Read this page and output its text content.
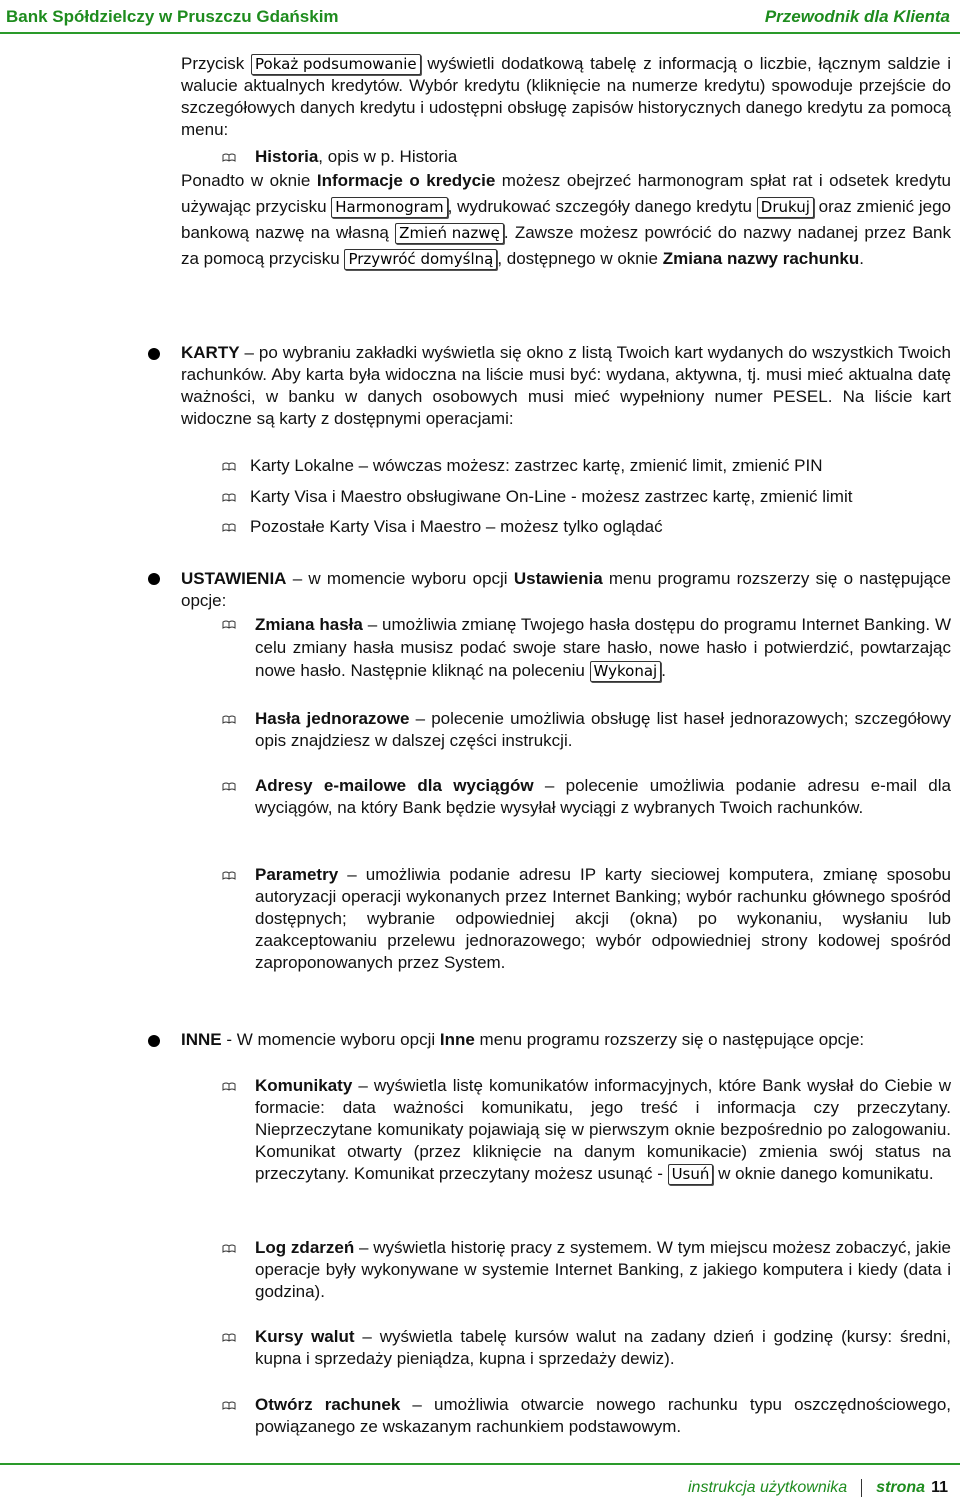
Bank Spółdzielczy w Pruszczu Gdańskim	Przewodnik dla Klienta
Przycisk Pokaż podsumowanie wyświetli dodatkową tabelę z informacją o liczbie, łącznym saldzie i walucie aktualnych kredytów. Wybór kredytu (kliknięcie na numerze kredytu) spowoduje przejście do szczegółowych danych kredytu i udostępni obsługę zapisów historycznych danego kredytu za pomocą menu:
Historia, opis w p. Historia
Ponadto w oknie Informacje o kredycie możesz obejrzeć harmonogram spłat rat i odsetek kredytu używając przycisku Harmonogram , wydrukować szczegóły danego kredytu Drukuj oraz zmienić jego bankową nazwę na własną Zmień nazwę . Zawsze możesz powrócić do nazwy nadanej przez Bank za pomocą przycisku Przywróć domyślną , dostępnego w oknie Zmiana nazwy rachunku.
KARTY – po wybraniu zakładki wyświetla się okno z listą Twoich kart wydanych do wszystkich Twoich rachunków. Aby karta była widoczna na liście musi być: wydana, aktywna, tj. musi mieć aktualna datę ważności, w banku w danych osobowych musi mieć wypełniony numer PESEL. Na liście kart widoczne są karty z dostępnymi operacjami:
Karty Lokalne – wówczas możesz: zastrzec kartę, zmienić limit, zmienić PIN
Karty Visa i Maestro obsługiwane On-Line - możesz zastrzec kartę, zmienić limit
Pozostałe Karty Visa i Maestro – możesz tylko oglądać
USTAWIENIA – w momencie wyboru opcji Ustawienia menu programu rozszerzy się o następujące opcje:
Zmiana hasła – umożliwia zmianę Twojego hasła dostępu do programu Internet Banking. W celu zmiany hasła musisz podać swoje stare hasło, nowe hasło i potwierdzić, powtarzając nowe hasło. Następnie kliknąć na poleceniu Wykonaj .
Hasła jednorazowe – polecenie umożliwia obsługę list haseł jednorazowych; szczegółowy opis znajdziesz w dalszej części instrukcji.
Adresy e-mailowe dla wyciągów – polecenie umożliwia podanie adresu e-mail dla wyciągów, na który Bank będzie wysyłał wyciągi z wybranych Twoich rachunków.
Parametry – umożliwia podanie adresu IP karty sieciowej komputera, zmianę sposobu autoryzacji operacji wykonanych przez Internet Banking; wybór rachunku głównego spośród dostępnych; wybranie odpowiedniej akcji (okna) po wykonaniu, wysłaniu lub zaakceptowaniu przelewu jednorazowego; wybór odpowiedniej strony kodowej spośród zaproponowanych przez System.
INNE - W momencie wyboru opcji Inne menu programu rozszerzy się o następujące opcje:
Komunikaty – wyświetla listę komunikatów informacyjnych, które Bank wysłał do Ciebie w formacie: data ważności komunikatu, jego treść i informacja czy przeczytany. Nieprzeczytane komunikaty pojawiają się w pierwszym oknie bezpośrednio po zalogowaniu. Komunikat otwarty (przez kliknięcie na danym komunikacie) zmienia swój status na przeczytany. Komunikat przeczytany możesz usunąć - Usuń w oknie danego komunikatu.
Log zdarzeń – wyświetla historię pracy z systemem. W tym miejscu możesz zobaczyć, jakie operacje były wykonywane w systemie Internet Banking, z jakiego komputera i kiedy (data i godzina).
Kursy walut – wyświetla tabelę kursów walut na zadany dzień i godzinę (kursy: średni, kupna i sprzedaży pieniądza, kupna i sprzedaży dewiz).
Otwórz rachunek – umożliwia otwarcie nowego rachunku typu oszczędnościowego, powiązanego ze wskazanym rachunkiem podstawowym.
instrukcja użytkownika strona 11
